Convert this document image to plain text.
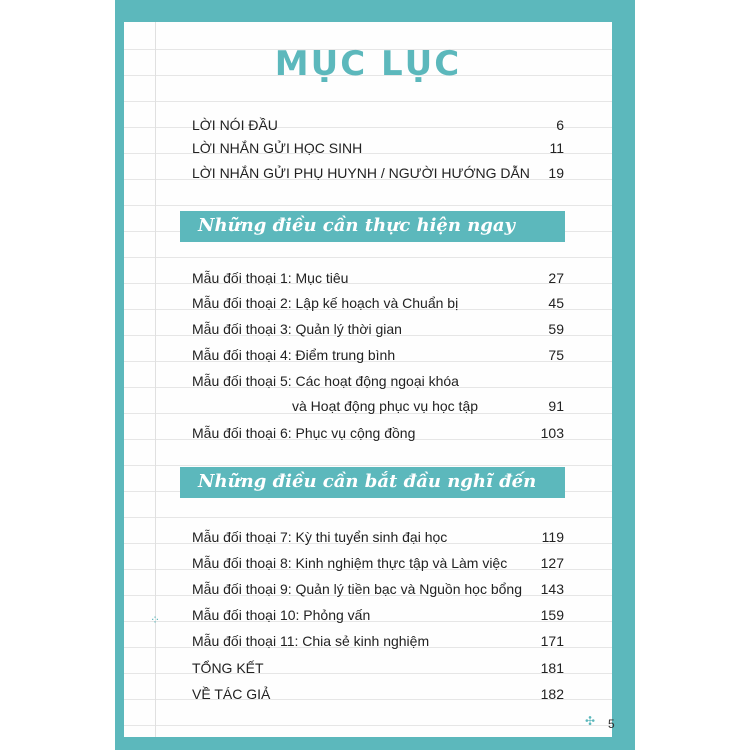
MỤC LỤC
LỜI NÓI ĐẦU	6
LỜI NHẮN GỬI HỌC SINH	11
LỜI NHẮN GỬI PHỤ HUYNH / NGƯỜI HƯỚNG DẪN 19
Những điều cần thực hiện ngay
Mẫu đối thoại 1: Mục tiêu	27
Mẫu đối thoại 2: Lập kế hoạch và Chuẩn bị	45
Mẫu đối thoại 3: Quản lý thời gian	59
Mẫu đối thoại 4: Điểm trung bình	75
Mẫu đối thoại 5: Các hoạt động ngoại khóa
và Hoạt động phục vụ học tập	91
Mẫu đối thoại 6: Phục vụ cộng đồng	103
Những điều cần bắt đầu nghĩ đến
Mẫu đối thoại 7: Kỳ thi tuyển sinh đại học	119
Mẫu đối thoại 8: Kinh nghiệm thực tập và Làm việc 127
Mẫu đối thoại 9: Quản lý tiền bạc và Nguồn học bổng 143
Mẫu đối thoại 10: Phỏng vấn	159
Mẫu đối thoại 11: Chia sẻ kinh nghiệm	171
TỔNG KẾT	181
VỀ TÁC GIẢ	182
⁘
✣ 5
